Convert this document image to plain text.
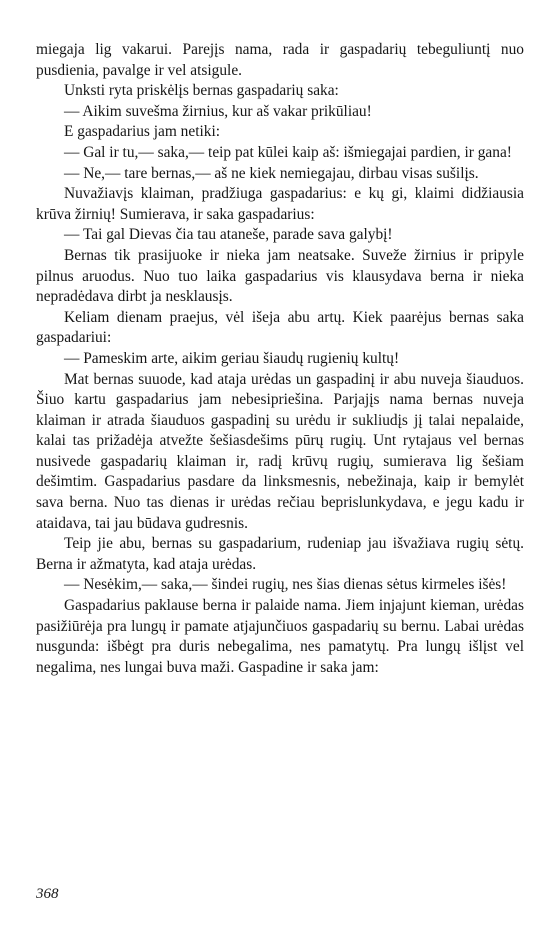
miegaja lig vakarui. Parejįs nama, rada ir gaspadarių tebeguliuntį nuo pusdienia, pavalge ir vel atsigule.

Unksti ryta priskėlįs bernas gaspadarių saka:

— Aikim suvešma žirnius, kur aš vakar prikūliau!

E gaspadarius jam netiki:

— Gal ir tu,— saka,— teip pat kūlei kaip aš: išmiegajai pardien, ir gana!

— Ne,— tare bernas,— aš ne kiek nemiegajau, dirbau visas sušilįs.

Nuvažiavįs klaiman, pradžiuga gaspadarius: e kų gi, klaimi didžiausia krūva žirnių! Sumierava, ir saka gaspadarius:

— Tai gal Dievas čia tau ataneše, parade sava galybį!

Bernas tik prasijuoke ir nieka jam neatsake. Suveže žirnius ir pripyle pilnus aruodus. Nuo tuo laika gaspadarius vis klausydava berna ir nieka nepradėdava dirbt ja nesklausįs.

Keliam dienam praejus, vėl išeja abu artų. Kiek paarėjus bernas saka gaspadariui:

— Pameskim arte, aikim geriau šiaudų rugienių kultų!

Mat bernas suuode, kad ataja urėdas un gaspadinį ir abu nuveja šiauduos. Šiuo kartu gaspadarius jam nebesipriešina. Parjajįs nama bernas nuveja klaiman ir atrada šiauduos gaspadinį su urėdu ir sukliudįs jį talai nepalaide, kalai tas prižadėja atvežte šešiasdešims pūrų rugių. Unt rytajaus vel bernas nusivede gaspadarių klaiman ir, radį krūvų rugių, sumierava lig šešiam dešimtim. Gaspadarius pasdare da linksmesnis, nebežinaja, kaip ir bemylėt sava berna. Nuo tas dienas ir urėdas rečiau beprislunkydava, e jegu kadu ir ataidava, tai jau būdava gudresnis.

Teip jie abu, bernas su gaspadarium, rudeniap jau išvažiava rugių sėtų. Berna ir ažmatyta, kad ataja urėdas.

— Nesėkim,— saka,— šindei rugių, nes šias dienas sėtus kirmeles išės!

Gaspadarius paklause berna ir palaide nama. Jiem injajunt kieman, urėdas pasižiūrėja pra lungų ir pamate atjajunčiuos gaspadarių su bernu. Labai urėdas nusgunda: išbėgt pra duris nebegalima, nes pamatytų. Pra lungų išlįst vel negalima, nes lungai buva maži. Gaspadine ir saka jam:

368
